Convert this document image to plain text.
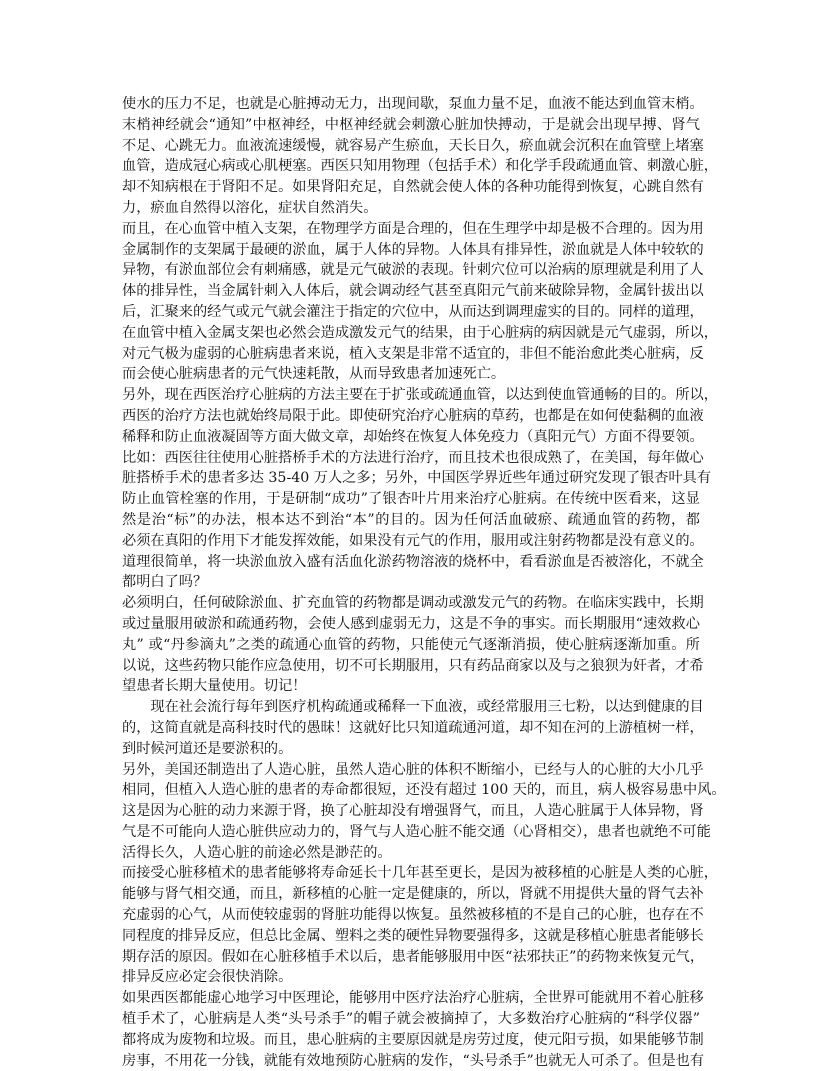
使水的压力不足，也就是心脏搏动无力，出现间歇，泵血力量不足，血液不能达到血管末梢。
末梢神经就会“通知”中枢神经，中枢神经就会刺激心脏加快搏动，于是就会出现早搏、肾气
不足、心跳无力。血液流速缓慢，就容易产生瘀血，天长日久，瘀血就会沉积在血管壁上堵塞
血管，造成冠心病或心肌梗塞。西医只知用物理（包括手术）和化学手段疏通血管、刺激心脏，
却不知病根在于肾阳不足。如果肾阳充足，自然就会使人体的各种功能得到恢复，心跳自然有
力，瘀血自然得以溶化，症状自然消失。
而且，在心血管中植入支架，在物理学方面是合理的，但在生理学中却是极不合理的。因为用
金属制作的支架属于最硬的淤血，属于人体的异物。人体具有排异性，淤血就是人体中较软的
异物，有淤血部位会有刺痛感，就是元气破淤的表现。针刺穴位可以治病的原理就是利用了人
体的排异性，当金属针刺入人体后，就会调动经气甚至真阳元气前来破除异物，金属针拔出以
后，汇聚来的经气或元气就会灌注于指定的穴位中，从而达到调理虚实的目的。同样的道理，
在血管中植入金属支架也必然会造成激发元气的结果，由于心脏病的病因就是元气虚弱，所以，
对元气极为虚弱的心脏病患者来说，植入支架是非常不适宜的，非但不能治愈此类心脏病，反
而会使心脏病患者的元气快速耗散，从而导致患者加速死亡。
另外，现在西医治疗心脏病的方法主要在于扩张或疏通血管，以达到使血管通畅的目的。所以，
西医的治疗方法也就始终局限于此。即使研究治疗心脏病的草药，也都是在如何使黏稠的血液
稀释和防止血液凝固等方面大做文章，却始终在恢复人体免疫力（真阳元气）方面不得要领。
比如：西医往往使用心脏搭桥手术的方法进行治疗，而且技术也很成熟了，在美国，每年做心
脏搭桥手术的患者多达 35-40 万人之多；另外，中国医学界近些年通过研究发现了银杏叶具有
防止血管栓塞的作用，于是研制“成功”了银杏叶片用来治疗心脏病。在传统中医看来，这显
然是治“标”的办法，根本达不到治“本”的目的。因为任何活血破瘀、疏通血管的药物，都
必须在真阳的作用下才能发挥效能，如果没有元气的作用，服用或注射药物都是没有意义的。
道理很简单，将一块淤血放入盛有活血化淤药物溶液的烧杯中，看看淤血是否被溶化，不就全
都明白了吗？
必须明白，任何破除淤血、扩充血管的药物都是调动或激发元气的药物。在临床实践中，长期
或过量服用破淤和疏通药物，会使人感到虚弱无力，这是不争的事实。而长期服用“速效救心
丸” 或“丹参滴丸”之类的疏通心血管的药物，只能使元气逐渐消损，使心脏病逐渐加重。所
以说，这些药物只能作应急使用，切不可长期服用，只有药品商家以及与之狼狈为奸者，才希
望患者长期大量使用。切记！
　　现在社会流行每年到医疗机构疏通或稀释一下血液，或经常服用三七粉，以达到健康的目
的，这简直就是高科技时代的愚昧！这就好比只知道疏通河道，却不知在河的上游植树一样，
到时候河道还是要淤积的。
另外，美国还制造出了人造心脏，虽然人造心脏的体积不断缩小，已经与人的心脏的大小几乎
相同，但植入人造心脏的患者的寿命都很短，还没有超过 100 天的，而且，病人极容易患中风。
这是因为心脏的动力来源于肾，换了心脏却没有增强肾气，而且，人造心脏属于人体异物，肾
气是不可能向人造心脏供应动力的，肾气与人造心脏不能交通（心肾相交），患者也就绝不可能
活得长久，人造心脏的前途必然是渺茫的。
而接受心脏移植术的患者能够将寿命延长十几年甚至更长，是因为被移植的心脏是人类的心脏，
能够与肾气相交通，而且，新移植的心脏一定是健康的，所以，肾就不用提供大量的肾气去补
充虚弱的心气，从而使较虚弱的肾脏功能得以恢复。虽然被移植的不是自己的心脏，也存在不
同程度的排异反应，但总比金属、塑料之类的硬性异物要强得多，这就是移植心脏患者能够长
期存活的原因。假如在心脏移植手术以后，患者能够服用中医“祛邪扶正”的药物来恢复元气，
排异反应必定会很快消除。
如果西医都能虚心地学习中医理论，能够用中医疗法治疗心脏病，全世界可能就用不着心脏移
植手术了，心脏病是人类“头号杀手”的帽子就会被摘掉了，大多数治疗心脏病的“科学仪器”
都将成为废物和垃圾。而且，患心脏病的主要原因就是房劳过度，使元阳亏损，如果能够节制
房事，不用花一分钱，就能有效地预防心脏病的发作，“头号杀手”也就无人可杀了。但是也有
